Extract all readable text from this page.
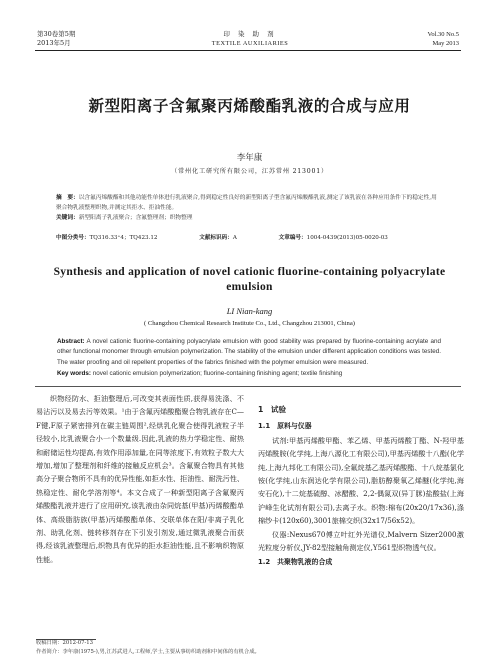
第30卷第5期
2013年5月
印 染 助 剂
TEXTILE AUXILIARIES
Vol.30 No.5
May 2013
新型阳离子含氟聚丙烯酸酯乳液的合成与应用
李年康
（常州化工研究所有限公司，江苏常州 213001）
摘　要：以含氟丙烯酸酯和其他功能性单体进行乳液聚合,得到稳定性良好的新型阳离子型含氟丙烯酸酯乳液,测定了该乳液在各种应用条件下的稳定性,用聚合物乳液整理织物,并测定其拒水、拒油性能。
关键词：新型阳离子乳液聚合；含氟整理剂；织物整理
中图分类号：TQ316.33⁺4；TQ423.12	文献标识码：A	文章编号：1004-0439(2013)05-0020-03
Synthesis and application of novel cationic fluorine-containing polyacrylate emulsion
LI Nian-kang
( Changzhou Chemical Research Institute Co., Ltd., Changzhou 213001, China)
Abstract: A novel cationic fluorine-containing polyacrylate emulsion with good stability was prepared by fluorine-containing acrylate and other functional monomer through emulsion polymerization. The stability of the emulsion under different application conditions was tested. The water proofing and oil repellent properties of the fabrics finished with the polymer emulsion were measured.
Key words: novel cationic emulsion polymerization; fluorine-containing finishing agent; textile finishing
织物经防水、拒油整理后,可改变其表面性质,获得易洗涤、不易沾污以及易去污等效果。¹由于含氟丙烯酸酯聚合物乳液存在C—F键,F原子紧密排列在碳主链周围²,经烘乳化聚合使得乳液粒子半径较小,比乳液聚合小一个数量级.因此,乳液的热力学稳定性、耐热和耐储运性均提高,有效作用添加量,在同等浓度下,有效粒子数大大增加,增加了整理剂和纤维的接触反应机会³。含氟聚合物具有其他高分子聚合物所不具有的优异性能,如拒水性、拒油性、耐洗污性、热稳定性、耐化学溶剂等⁴。本文合成了一种新型阳离子含氟聚丙烯酸酯乳液并进行了应用研究,该乳液由杂同烷基(甲基)丙烯酸酯单体、高级脂肪族(甲基)丙烯酸酯单体、交联单体在阳/非离子乳化剂、助乳化剂、链转移剂存在下引发引剂发,通过微乳液聚合而获得,经该乳液整理后,织物具有优异的拒水拒油性能,且不影响织物原性能。
1　试验
1.1　原料与仪器
试剂:甲基丙烯酸甲酯、苯乙烯、甲基丙烯酸丁酯、N-羟甲基丙烯酰胺(化学纯,上海八源化工有限公司),甲基丙烯酸十八酯(化学纯,上海九邦化工有限公司),全氟烷基乙基丙烯酸酯、十八烷基氯化铵(化学纯,山东润达化学有限公司),脂肪醇聚氧乙烯醚(化学纯,海安石化),十二烷基硫醇、冰醋酸、2,2-偶氮双(异丁脒)盐酸盐(上海沪峰生化试剂有限公司),去离子水。织物:棉布(20x20/17x36),涤棉纱卡(120x60),3001旅棉交织(32x17/56x52)。
仪器:Nexus670傅立叶红外光谱仪,Malvern Sizer2000激光粒度分析仪,JY-82型接触角测定仪,Y561型织物透气仪。
1.2　共聚物乳液的合成
收稿日期：2012-07-13
作者简介：李年康(1975-),男,江苏武进人,工程师,学士,主要从事纺织助剂和中间体的有机合成。
